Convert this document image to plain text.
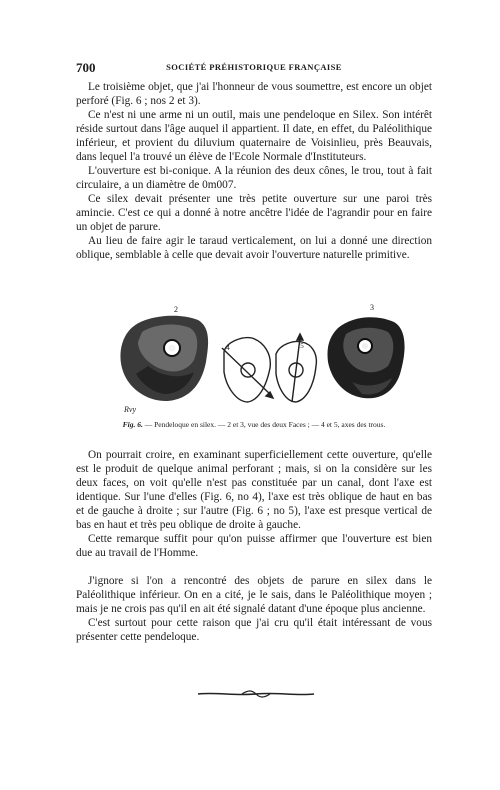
700	SOCIÉTÉ PRÉHISTORIQUE FRANÇAISE

Le troisième objet, que j'ai l'honneur de vous soumettre, est encore un objet perforé (Fig. 6 ; nos 2 et 3).

Ce n'est ni une arme ni un outil, mais une pendeloque en Silex. Son intérêt réside surtout dans l'âge auquel il appartient. Il date, en effet, du Paléolithique inférieur, et provient du diluvium quaternaire de Voisinlieu, près Beauvais, dans lequel l'a trouvé un élève de l'Ecole Normale d'Instituteurs.

L'ouverture est bi-conique. A la réunion des deux cônes, le trou, tout à fait circulaire, a un diamètre de 0m007.

Ce silex devait présenter une très petite ouverture sur une paroi très amincie. C'est ce qui a donné à notre ancêtre l'idée de l'agrandir pour en faire un objet de parure.

Au lieu de faire agir le taraud verticalement, on lui a donné une direction oblique, semblable à celle que devait avoir l'ouverture naturelle primitive.

2	3
4	5
Rvy
Fig. 6. — Pendeloque en silex. — 2 et 3, vue des deux Faces ; — 4 et 5, axes des trous.

On pourrait croire, en examinant superficiellement cette ouverture, qu'elle est le produit de quelque animal perforant ; mais, si on la considère sur les deux faces, on voit qu'elle n'est pas constituée par un canal, dont l'axe est identique. Sur l'une d'elles (Fig. 6, no 4), l'axe est très oblique de haut en bas et de gauche à droite ; sur l'autre (Fig. 6 ; no 5), l'axe est presque vertical de bas en haut et très peu oblique de droite à gauche.

Cette remarque suffit pour qu'on puisse affirmer que l'ouverture est bien due au travail de l'Homme.

J'ignore si l'on a rencontré des objets de parure en silex dans le Paléolithique inférieur. On en a cité, je le sais, dans le Paléolithique moyen ; mais je ne crois pas qu'il en ait été signalé datant d'une époque plus ancienne.

C'est surtout pour cette raison que j'ai cru qu'il était intéressant de vous présenter cette pendeloque.
